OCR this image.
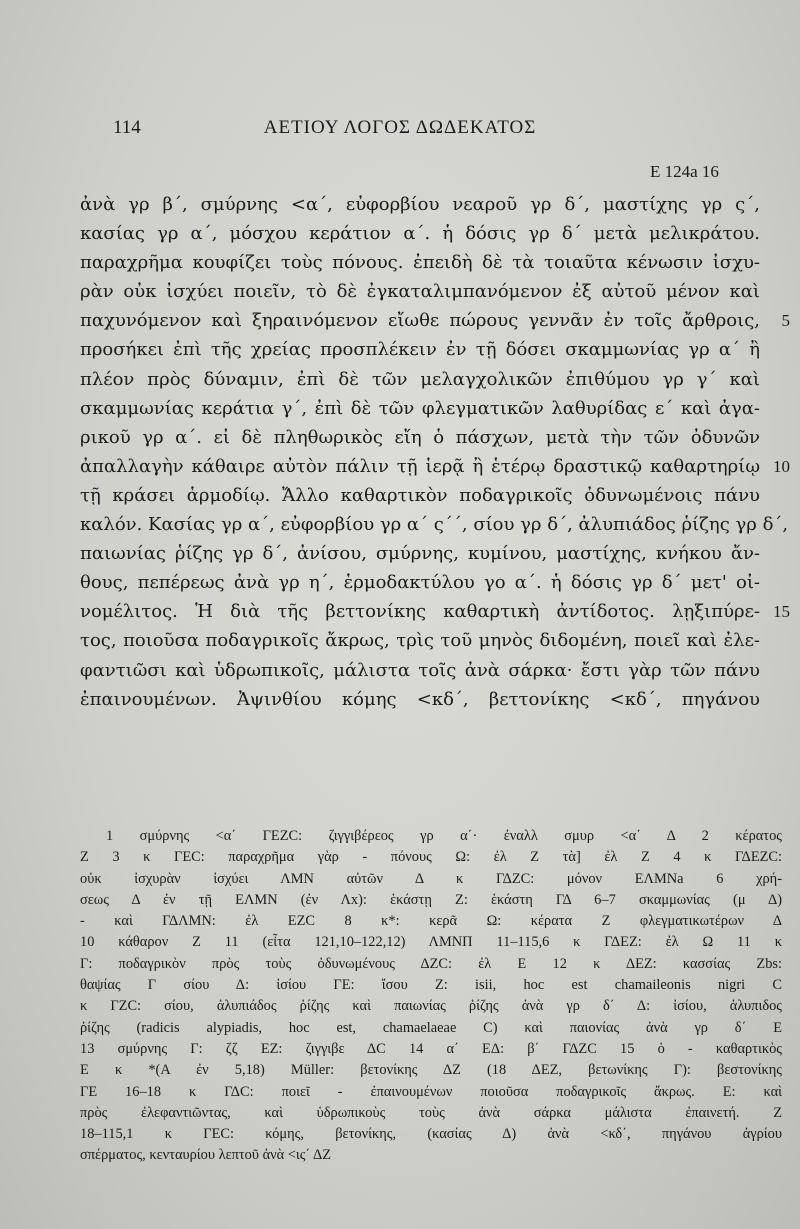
114	ΑΕΤΙΟΥ ΛΟΓΟΣ ΔΩΔΕΚΑΤΟΣ
E 124a 16
ἀνὰ γρ β΄, σμύρνης <α΄, εὐφορβίου νεαροῦ γρ δ΄, μαστίχης γρ ς΄,
κασίας γρ α΄, μόσχου κεράτιον α΄. ἡ δόσις γρ δ΄ μετὰ μελικράτου.
παραχρῆμα κουφίζει τοὺς πόνους. ἐπειδὴ δὲ τὰ τοιαῦτα κένωσιν ἰσχυ-
ρὰν οὐκ ἰσχύει ποιεῖν, τὸ δὲ ἐγκαταλιμπανόμενον ἐξ αὐτοῦ μένον καὶ
παχυνόμενον καὶ ξηραινόμενον εἴωθε πώρους γεννᾶν ἐν τοῖς ἄρθροις, 5
προσήκει ἐπὶ τῆς χρείας προσπλέκειν ἐν τῇ δόσει σκαμμωνίας γρ α΄ ἢ
πλέον πρὸς δύναμιν, ἐπὶ δὲ τῶν μελαγχολικῶν ἐπιθύμου γρ γ΄ καὶ
σκαμμωνίας κεράτια γ΄, ἐπὶ δὲ τῶν φλεγματικῶν λαθυρίδας ε΄ καὶ ἀγα-
ρικοῦ γρ α΄. εἰ δὲ πληθωρικὸς εἴη ὁ πάσχων, μετὰ τὴν τῶν ὀδυνῶν
ἀπαλλαγὴν κάθαιρε αὐτὸν πάλιν τῇ ἱερᾷ ἢ ἑτέρῳ δραστικῷ καθαρτηρίῳ 10
τῇ κράσει ἁρμοδίῳ. Ἄλλο καθαρτικὸν ποδαγρικοῖς ὀδυνωμένοις πάνυ
καλόν. Κασίας γρ α΄, εὐφορβίου γρ α΄ ς΄΄, σίου γρ δ΄, ἀλυπιάδος ῥίζης γρ δ΄,
παιωνίας ῥίζης γρ δ΄, ἀνίσου, σμύρνης, κυμίνου, μαστίχης, κνήκου ἄν-
θους, πεπέρεως ἀνὰ γρ η΄, ἑρμοδακτύλου γο α΄. ἡ δόσις γρ δ΄ μετ' οἰ-
νομέλιτος. Ἡ διὰ τῆς βεττονίκης καθαρτικὴ ἀντίδοτος. λῃξιπύρε- 15
τος, ποιοῦσα ποδαγρικοῖς ἄκρως, τρὶς τοῦ μηνὸς διδομένη, ποιεῖ καὶ ἐλε-
φαντιῶσι καὶ ὑδρωπικοῖς, μάλιστα τοῖς ἀνὰ σάρκα· ἔστι γὰρ τῶν πάνυ
ἐπαινουμένων. Ἀψινθίου κόμης <κδ΄, βεττονίκης <κδ΄, πηγάνου
1 σμύρνης <α΄ ΓΕΖC: ζιγγιβέρεος γρ α΄· ἐναλλ σμυρ <α΄ Δ 2 κέρατος
Ζ 3 κ ΓΕC: παραχρῆμα γὰρ - πόνους Ω: ἐλ Ζ τὰ] ἐλ Ζ 4 κ ΓΔΕΖC:
οὐκ ἰσχυρὰν ἰσχύει ΛΜΝ αὐτῶν Δ κ ΓΔΖC: μόνον ΕΛΜΝa 6 χρή-
σεως Δ ἐν τῇ ΕΛΜΝ (ἐν Λx): ἑκάστῃ Ζ: ἑκάστη ΓΔ 6–7 σκαμμωνίας (μ Δ)
- καὶ ΓΔΛΜΝ: ἐλ ΕΖC 8 κ*: κερᾶ Ω: κέρατα Ζ φλεγματικωτέρων Δ
10 κάθαρον Ζ 11 (εἶτα 121,10–122,12) ΛΜΝΠ 11–115,6 κ ΓΔΕΖ: ἐλ Ω 11 κ
Γ: ποδαγρικὸν πρὸς τοὺς ὀδυνωμένους ΔΖC: ἐλ Ε 12 κ ΔΕΖ: κασσίας Ζbs:
θαψίας Γ σίου Δ: ἰσίου ΓΕ: ἴσου Ζ: isii, hoc est chamaileonis nigri C
κ ΓΖC: σίου, ἀλυπιάδος ῥίζης καὶ παιωνίας ῥίζης ἀνὰ γρ δ΄ Δ: ἰσίου, ἀλυπιδος
ῥίζης (radicis alypiadis, hoc est, chamaelaeae C) καὶ παιονίας ἀνὰ γρ δ΄ Ε
13 σμύρνης Γ: ζζ ΕΖ: ζιγγιβε ΔC 14 α΄ ΕΔ: β΄ ΓΔΖC 15 ὁ - καθαρτικὸς
Ε κ *(Α ἐν 5,18) Müller: βετονίκης ΔΖ (18 ΔΕΖ, βετωνίκης Γ): βεστονίκης
ΓΕ 16–18 κ ΓΔC: ποιεῖ - ἐπαινουμένων ποιοῦσα ποδαγρικοῖς ἄκρως. Ε: καὶ
πρὸς ἐλεφαντιῶντας, καὶ ὑδρωπικοὺς τοὺς ἀνὰ σάρκα μάλιστα ἐπαινετή. Ζ
18–115,1 κ ΓΕC: κόμης, βετονίκης, (κασίας Δ) ἀνὰ <κδ΄, πηγάνου ἀγρίου
σπέρματος, κενταυρίου λεπτοῦ ἀνὰ <ις΄ ΔΖ
